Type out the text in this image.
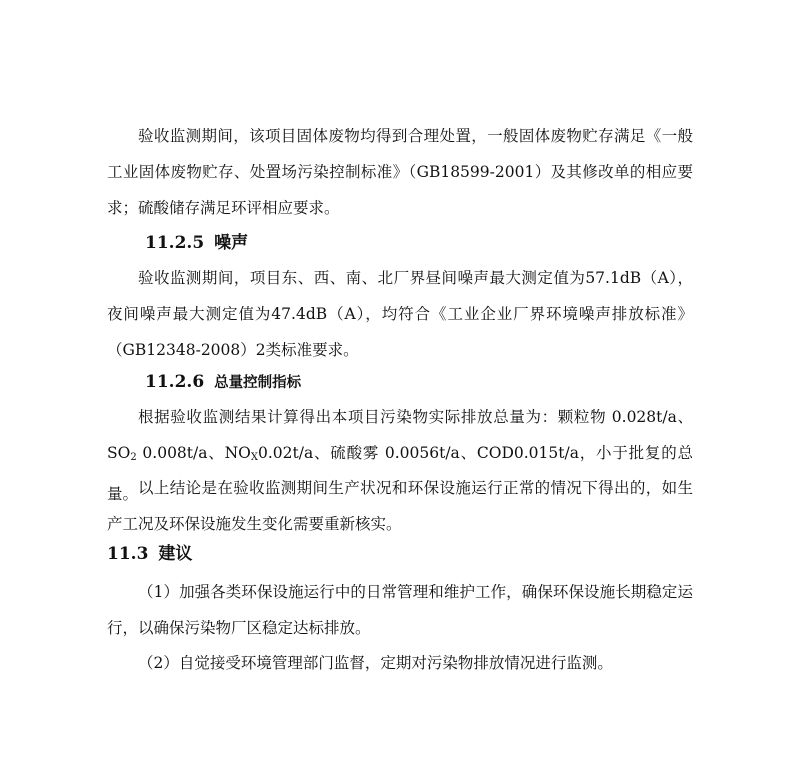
验收监测期间，该项目固体废物均得到合理处置，一般固体废物贮存满足《一般工业固体废物贮存、处置场污染控制标准》（GB18599-2001）及其修改单的相应要求；硫酸储存满足环评相应要求。

11.2.5 噪声

验收监测期间，项目东、西、南、北厂界昼间噪声最大测定值为57.1dB（A），夜间噪声最大测定值为47.4dB（A），均符合《工业企业厂界环境噪声排放标准》（GB12348-2008）2类标准要求。

11.2.6 总量控制指标

根据验收监测结果计算得出本项目污染物实际排放总量为：颗粒物 0.028t/a、$SO_2$ 0.008t/a、$NO_X0.02t/a$、硫酸雾 0.0056t/a、COD0.015t/a，小于批复的总量。 以上结论是在验收监测期间生产状况和环保设施运行正常的情况下得出的，如生产工况及环保设施发生变化需要重新核实。

11.3 建议

（1）加强各类环保设施运行中的日常管理和维护工作，确保环保设施长期稳定运行，以确保污染物厂区稳定达标排放。

（2）自觉接受环境管理部门监督，定期对污染物排放情况进行监测。
